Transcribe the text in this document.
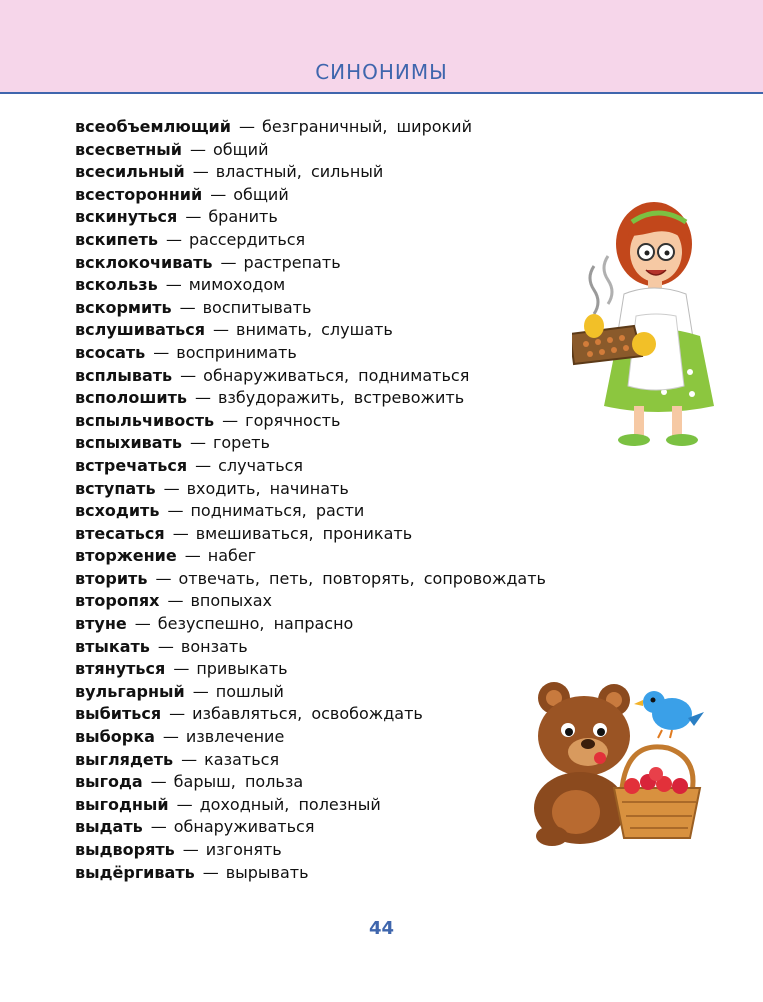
СИНОНИМЫ
всеобъемлющий — безграничный, широкий
всесветный — общий
всесильный — властный, сильный
всесторонний — общий
вскинуться — бранить
вскипеть — рассердиться
всклокочивать — растрепать
вскользь — мимоходом
вскормить — воспитывать
вслушиваться — внимать, слушать
всосать — воспринимать
всплывать — обнаруживаться, подниматься
всполошить — взбудоражить, встревожить
вспыльчивость — горячность
вспыхивать — гореть
встречаться — случаться
вступать — входить, начинать
всходить — подниматься, расти
втесаться — вмешиваться, проникать
вторжение — набег
вторить — отвечать, петь, повторять, сопровождать
второпях — впопыхах
втуне — безуспешно, напрасно
втыкать — вонзать
втянуться — привыкать
вульгарный — пошлый
выбиться — избавляться, освобождать
выборка — извлечение
выглядеть — казаться
выгода — барыш, польза
выгодный — доходный, полезный
выдать — обнаруживаться
выдворять — изгонять
выдёргивать — вырывать
44
